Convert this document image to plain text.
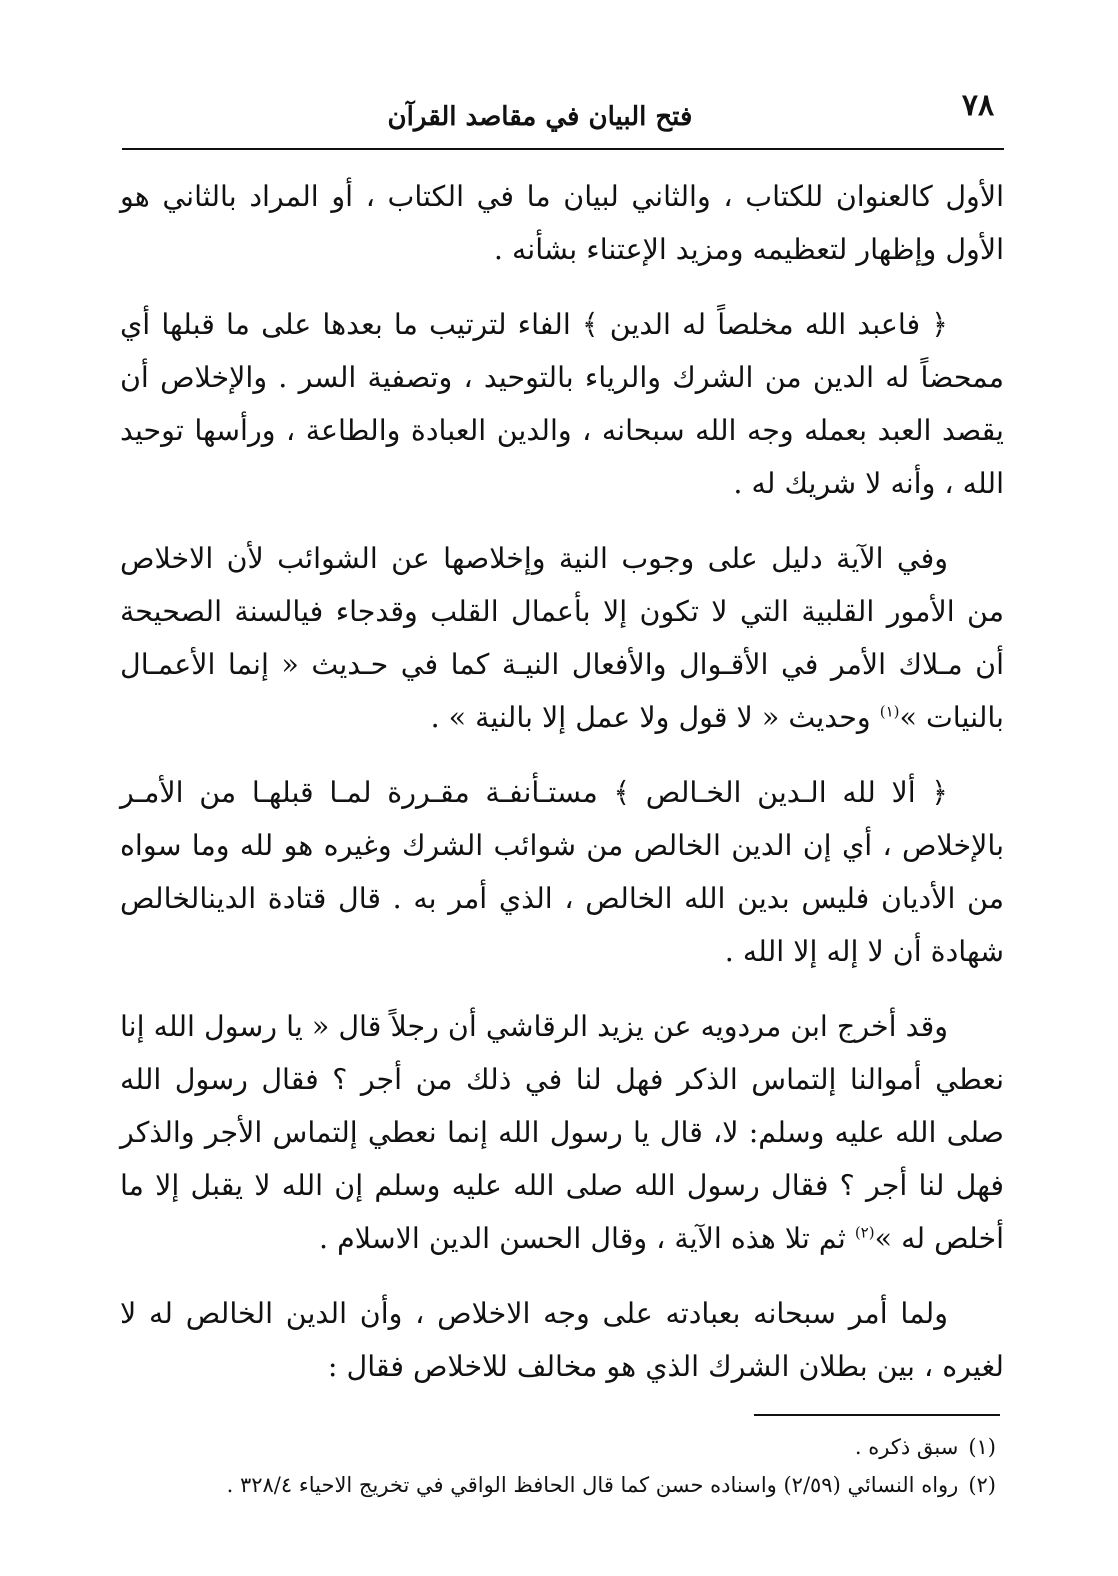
٧٨
فتح البيان في مقاصد القرآن

الأول كالعنوان للكتاب ، والثاني لبيان ما في الكتاب ، أو المراد بالثاني هو الأول وإظهار لتعظيمه ومزيد الإعتناء بشأنه .

﴿ فاعبد الله مخلصاً له الدين ﴾ الفاء لترتيب ما بعدها على ما قبلها أي ممحضاً له الدين من الشرك والرياء بالتوحيد ، وتصفية السر . والإخلاص أن يقصد العبد بعمله وجه الله سبحانه ، والدين العبادة والطاعة ، ورأسها توحيد الله ، وأنه لا شريك له .

وفي الآية دليل على وجوب النية وإخلاصها عن الشوائب لأن الاخلاص من الأمور القلبية التي لا تكون إلا بأعمال القلب وقدجاء فيالسنة الصحيحة أن مـلاك الأمر في الأقـوال والأفعال النيـة كما في حـديث « إنما الأعمـال بالنيات »$^{(١)}$ وحديث « لا قول ولا عمل إلا بالنية » .

﴿ ألا لله الـدين الخـالص ﴾ مستـأنفـة مقـررة لمـا قبلهـا من الأمـر بالإخلاص ، أي إن الدين الخالص من شوائب الشرك وغيره هو لله وما سواه من الأديان فليس بدين الله الخالص ، الذي أمر به . قال قتادة الدينالخالص شهادة أن لا إله إلا الله .

وقد أخرج ابن مردويه عن يزيد الرقاشي أن رجلاً قال « يا رسول الله إنا نعطي أموالنا إلتماس الذكر فهل لنا في ذلك من أجر ؟ فقال رسول الله صلى الله عليه وسلم: لا، قال يا رسول الله إنما نعطي إلتماس الأجر والذكر فهل لنا أجر ؟ فقال رسول الله صلى الله عليه وسلم إن الله لا يقبل إلا ما أخلص له »$^{(٢)}$ ثم تلا هذه الآية ، وقال الحسن الدين الاسلام .

ولما أمر سبحانه بعبادته على وجه الاخلاص ، وأن الدين الخالص له لا لغيره ، بين بطلان الشرك الذي هو مخالف للاخلاص فقال :

(١)سبق ذكره .

(٢)رواه النسائي (٢/٥٩) واسناده حسن كما قال الحافظ الواقي في تخريج الاحياء ٣٢٨/٤ .
